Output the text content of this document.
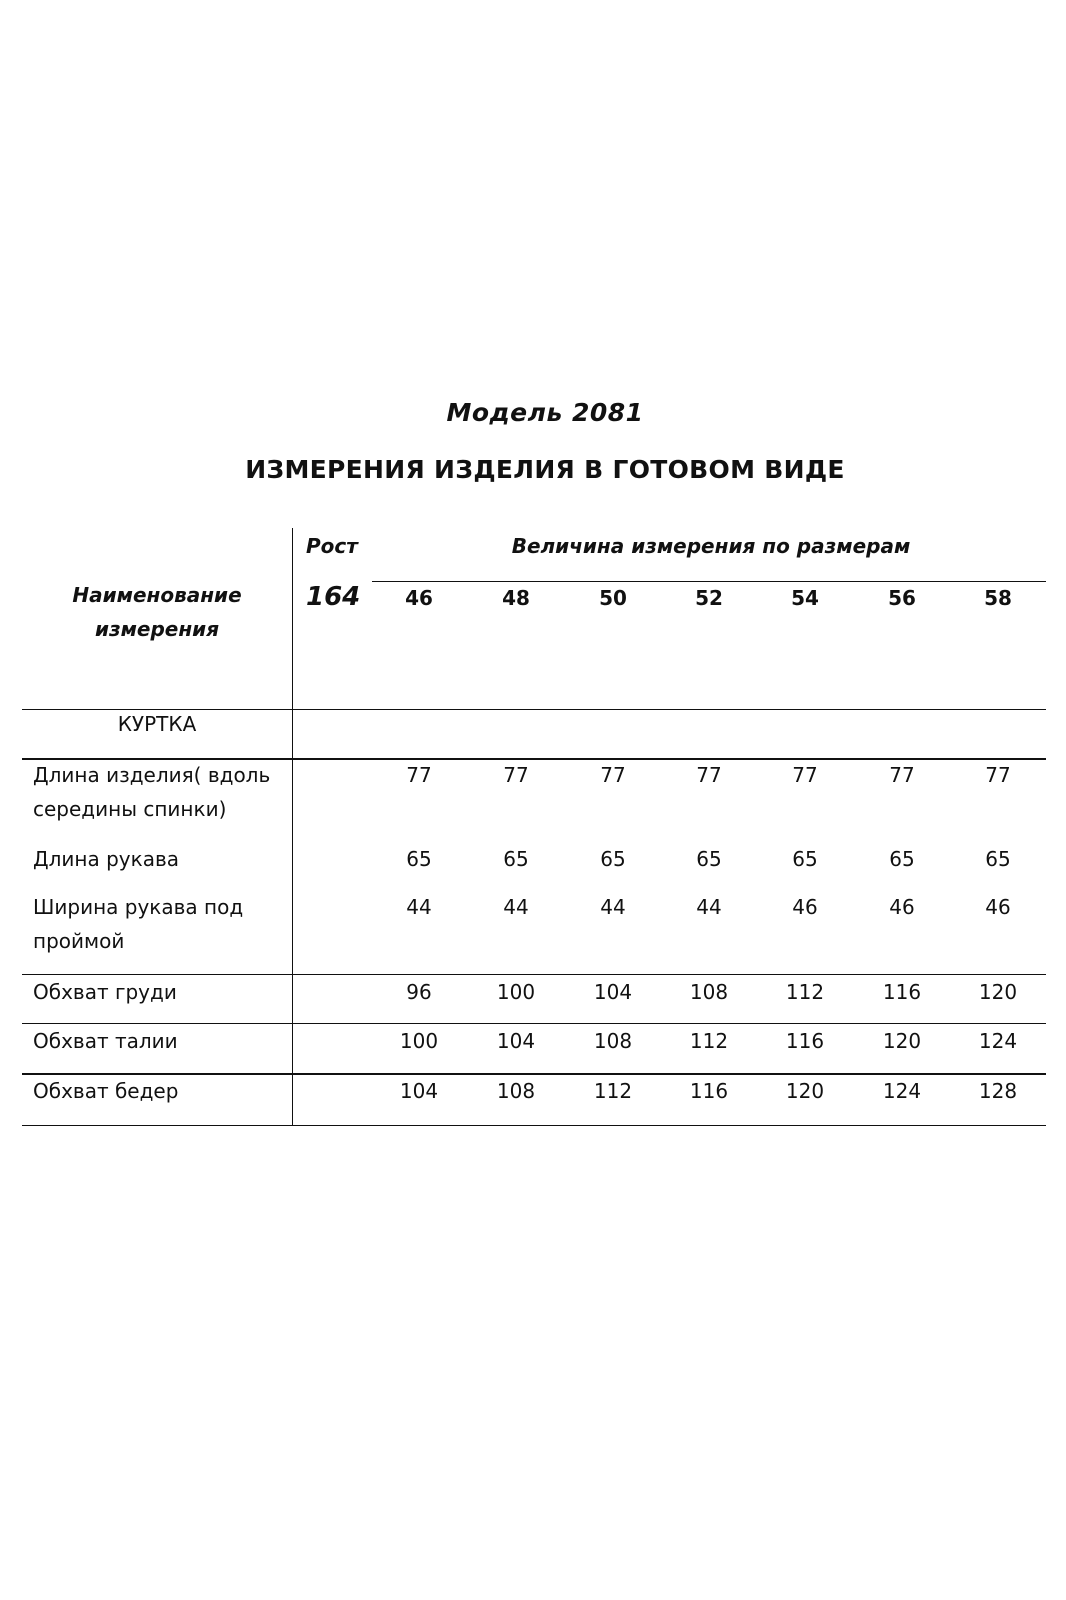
Модель 2081
ИЗМЕРЕНИЯ ИЗДЕЛИЯ В ГОТОВОМ ВИДЕ
Наименование измерения
Рост
164
Величина измерения по размерам
46	48	50	52	54	56	58
КУРТКА
Длина изделия( вдоль середины спинки)
77	77	77	77	77	77	77
Длина рукава	65	65	65	65	65	65	65
Ширина рукава под проймой
44	44	44	44	46	46	46
Обхват груди	96	100	104	108	112	116	120
Обхват талии	100	104	108	112	116	120	124
Обхват бедер	104	108	112	116	120	124	128
